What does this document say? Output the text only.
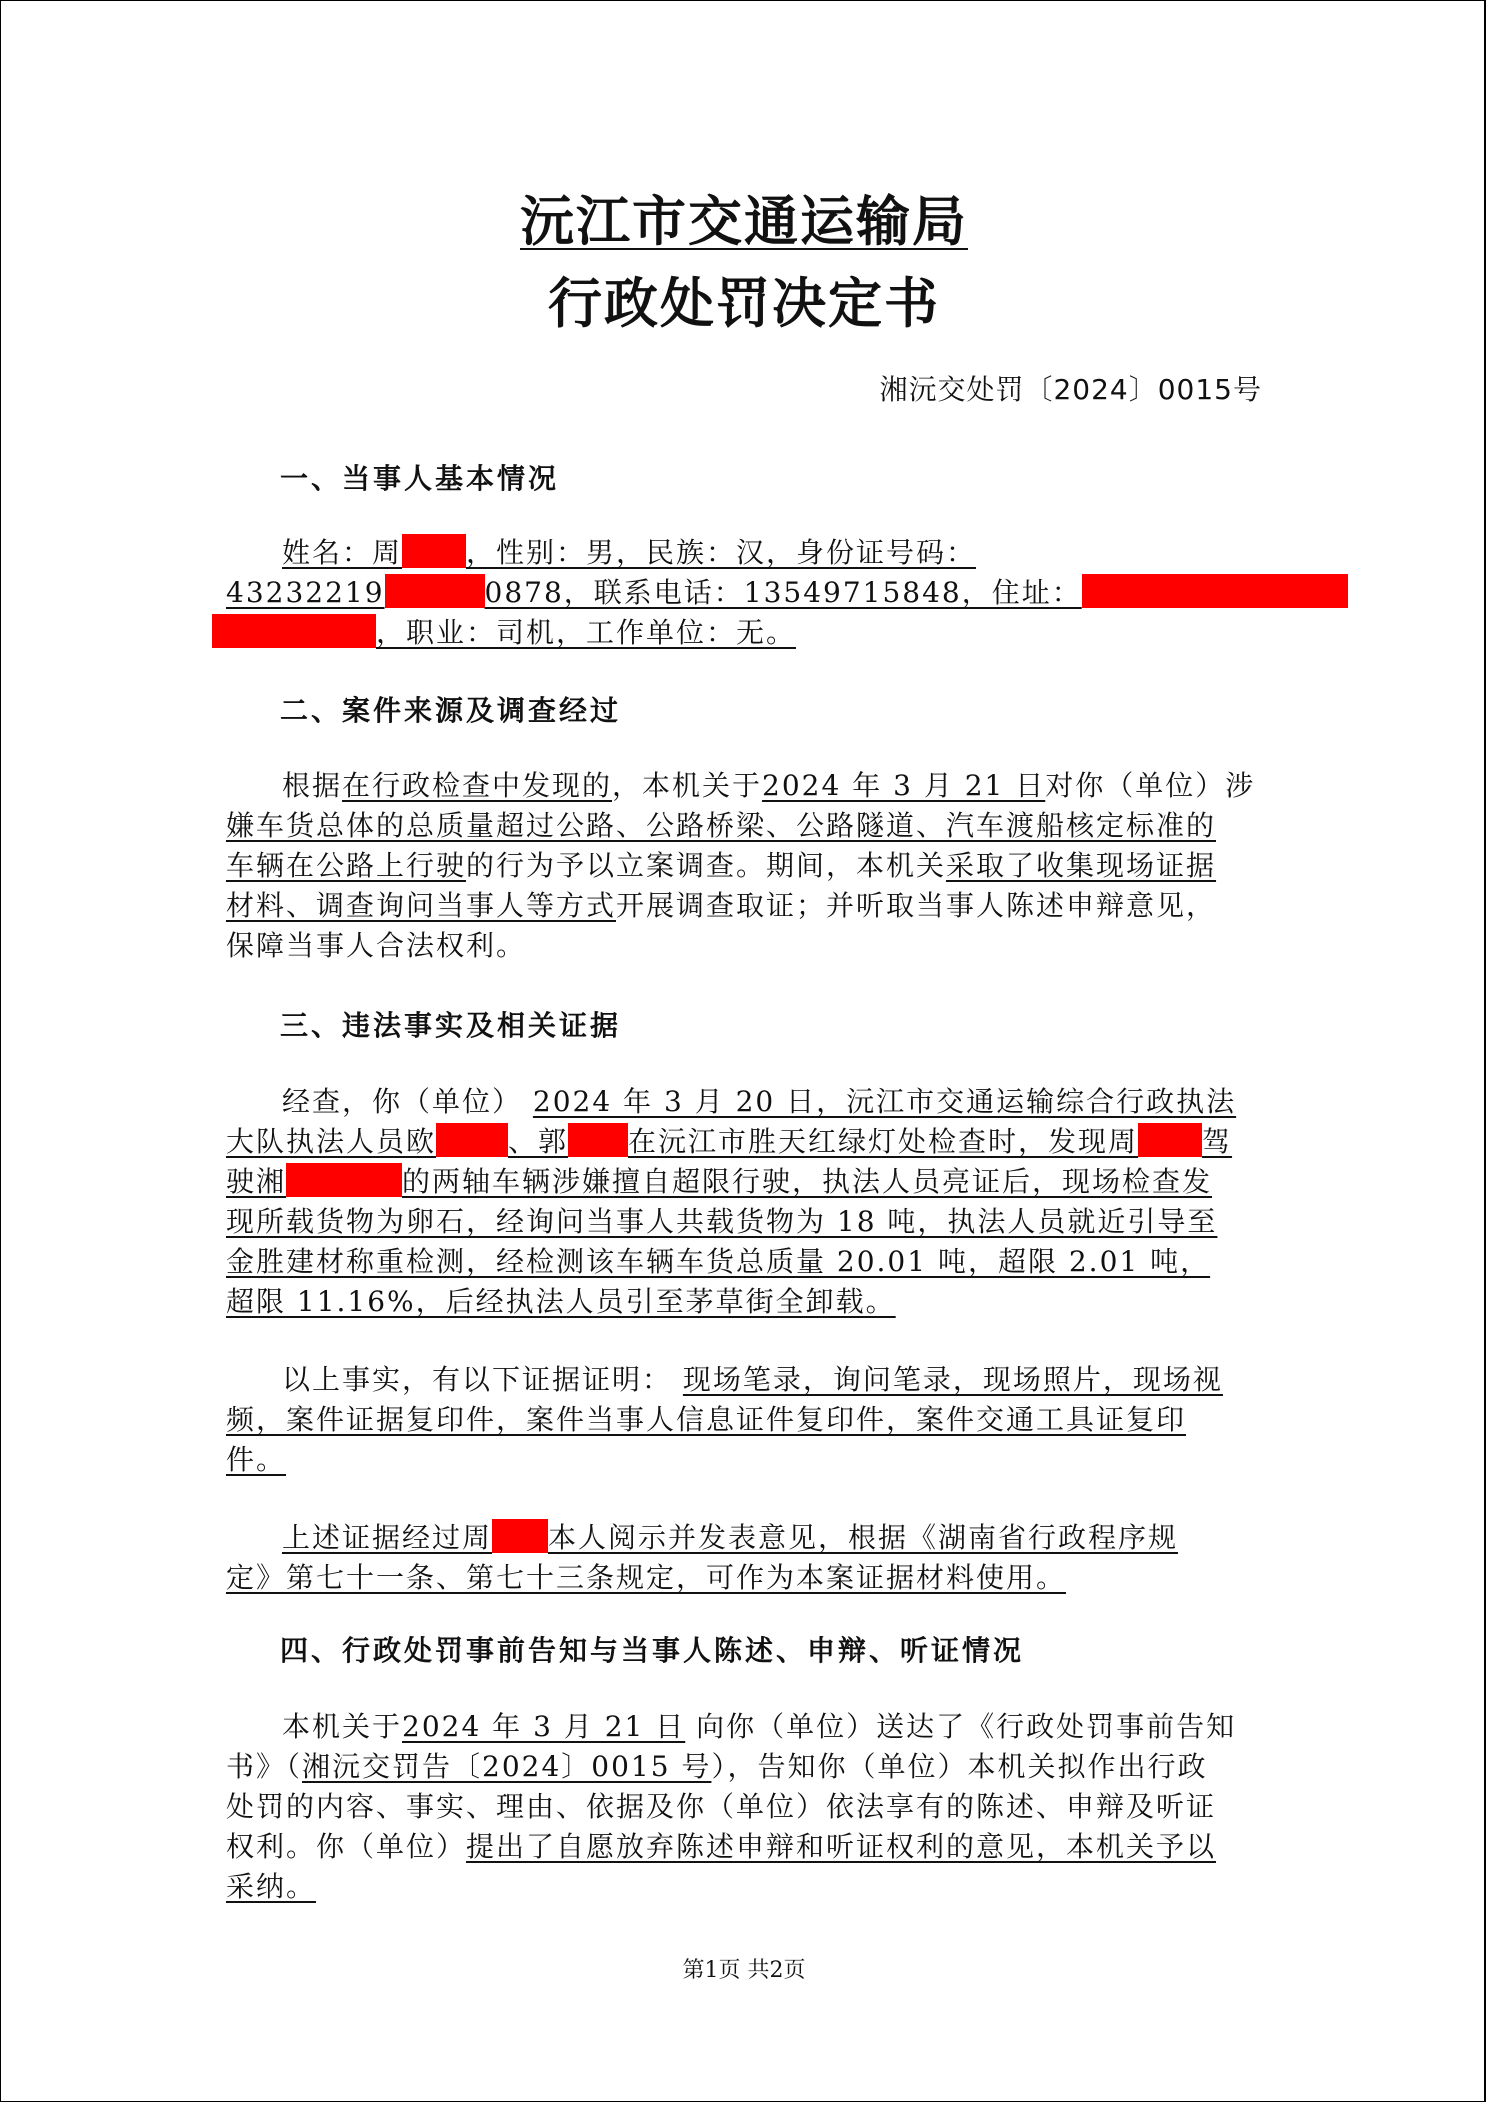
沅江市交通运输局
行政处罚决定书
湘沅交处罚〔2024〕0015号
一、当事人基本情况
姓名：周 ，性别：男，民族：汉，身份证号码：
43232219	0878，联系电话：13549715848，住址：
，职业：司机，工作单位：无。
二、案件来源及调查经过
根据在行政检查中发现的，本机关于2024 年 3 月 21 日对你（单位）涉
嫌车货总体的总质量超过公路、公路桥梁、公路隧道、汽车渡船核定标准的
车辆在公路上行驶的行为予以立案调查。期间，本机关采取了收集现场证据
材料、调查询问当事人等方式开展调查取证；并听取当事人陈述申辩意见，
保障当事人合法权利。
三、违法事实及相关证据
经查，你（单位） 2024 年 3 月 20 日，沅江市交通运输综合行政执法
大队执法人员欧	、郭 在沅江市胜天红绿灯处检查时，发现周 驾
驶湘	的两轴车辆涉嫌擅自超限行驶，执法人员亮证后，现场检查发
现所载货物为卵石，经询问当事人共载货物为 18 吨，执法人员就近引导至
金胜建材称重检测，经检测该车辆车货总质量 20.01 吨，超限 2.01 吨，
超限 11.16%，后经执法人员引至茅草街全卸载。
以上事实，有以下证据证明： 现场笔录，询问笔录，现场照片，现场视
频，案件证据复印件，案件当事人信息证件复印件，案件交通工具证复印
件。
上述证据经过周 本人阅示并发表意见，根据《湖南省行政程序规
定》第七十一条、第七十三条规定，可作为本案证据材料使用。
四、行政处罚事前告知与当事人陈述、申辩、听证情况
本机关于2024 年 3 月 21 日 向你（单位）送达了《行政处罚事前告知
书》（湘沅交罚告〔2024〕0015 号），告知你（单位）本机关拟作出行政
处罚的内容、事实、理由、依据及你（单位）依法享有的陈述、申辩及听证
权利。你（单位）提出了自愿放弃陈述申辩和听证权利的意见，本机关予以
采纳。
第1页 共2页
